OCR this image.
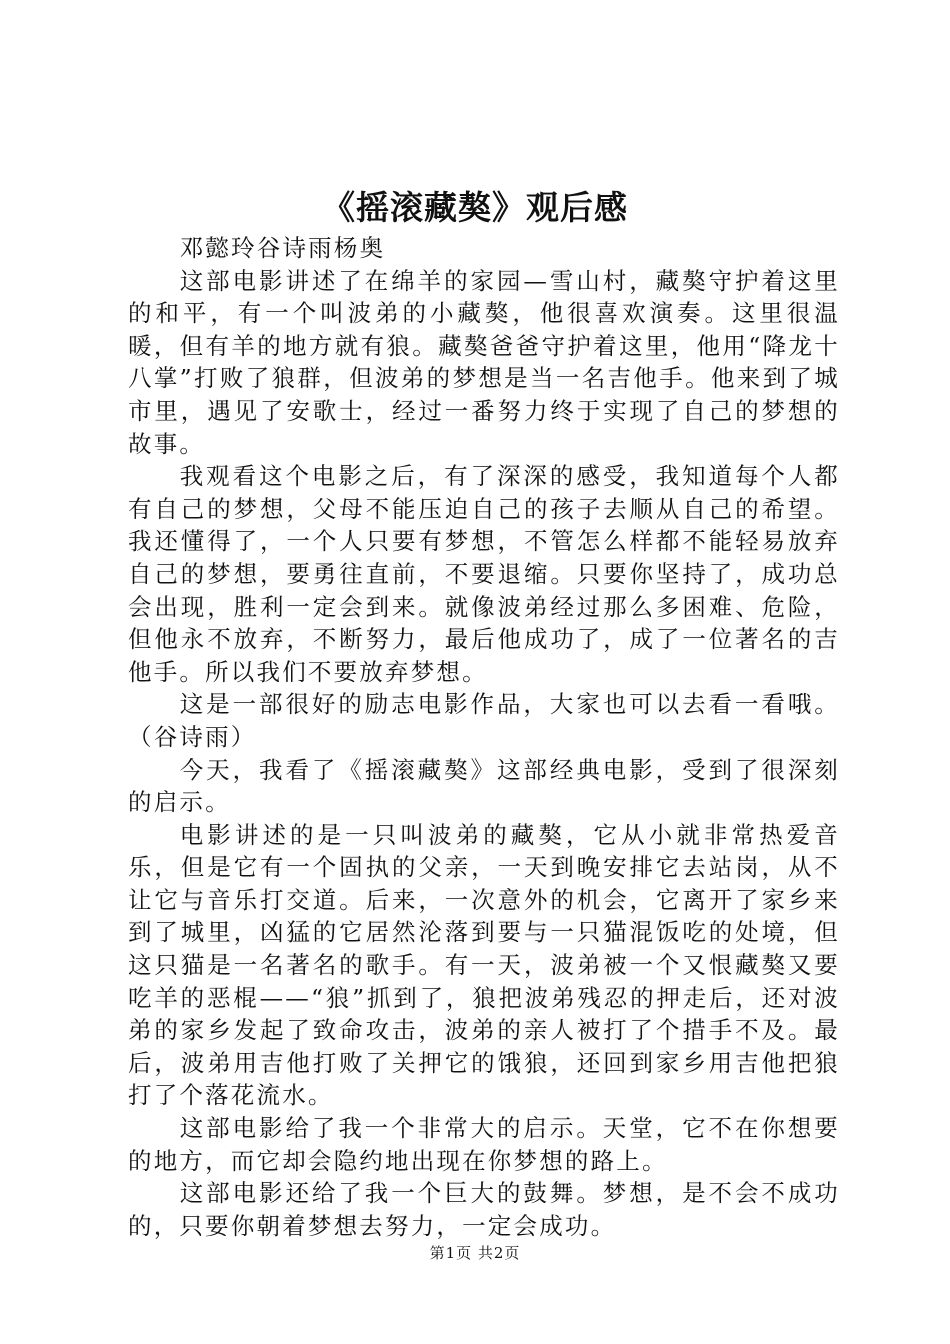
《摇滚藏獒》观后感

邓懿玲谷诗雨杨奥

这部电影讲述了在绵羊的家园—雪山村，藏獒守护着这里的和平，有一个叫波弟的小藏獒，他很喜欢演奏。这里很温暖，但有羊的地方就有狼。藏獒爸爸守护着这里，他用“降龙十八掌”打败了狼群，但波弟的梦想是当一名吉他手。他来到了城市里，遇见了安歌士，经过一番努力终于实现了自己的梦想的故事。

我观看这个电影之后，有了深深的感受，我知道每个人都有自己的梦想，父母不能压迫自己的孩子去顺从自己的希望。我还懂得了，一个人只要有梦想，不管怎么样都不能轻易放弃自己的梦想，要勇往直前，不要退缩。只要你坚持了，成功总会出现，胜利一定会到来。就像波弟经过那么多困难、危险，但他永不放弃，不断努力，最后他成功了，成了一位著名的吉他手。所以我们不要放弃梦想。

这是一部很好的励志电影作品，大家也可以去看一看哦。（谷诗雨）

今天，我看了《摇滚藏獒》这部经典电影，受到了很深刻的启示。

电影讲述的是一只叫波弟的藏獒，它从小就非常热爱音乐，但是它有一个固执的父亲，一天到晚安排它去站岗，从不让它与音乐打交道。后来，一次意外的机会，它离开了家乡来到了城里，凶猛的它居然沦落到要与一只猫混饭吃的处境，但这只猫是一名著名的歌手。有一天，波弟被一个又恨藏獒又要吃羊的恶棍——“狼”抓到了，狼把波弟残忍的押走后，还对波弟的家乡发起了致命攻击，波弟的亲人被打了个措手不及。最后，波弟用吉他打败了关押它的饿狼，还回到家乡用吉他把狼打了个落花流水。

这部电影给了我一个非常大的启示。天堂，它不在你想要的地方，而它却会隐约地出现在你梦想的路上。

这部电影还给了我一个巨大的鼓舞。梦想，是不会不成功的，只要你朝着梦想去努力，一定会成功。

第1页 共2页
